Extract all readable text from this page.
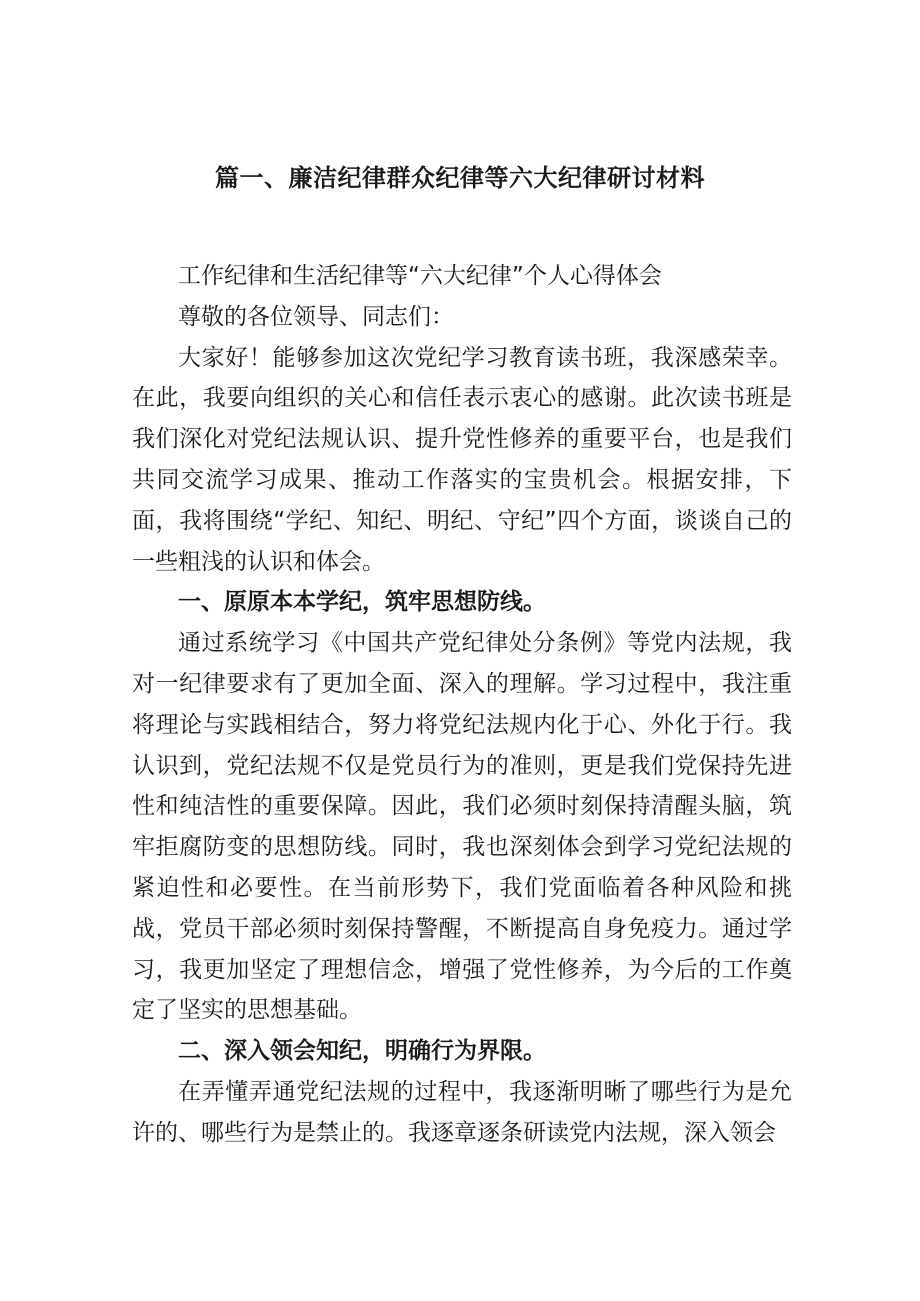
篇一、廉洁纪律群众纪律等六大纪律研讨材料

工作纪律和生活纪律等“六大纪律”个人心得体会

尊敬的各位领导、同志们：

大家好！能够参加这次党纪学习教育读书班，我深感荣幸。在此，我要向组织的关心和信任表示衷心的感谢。此次读书班是我们深化对党纪法规认识、提升党性修养的重要平台，也是我们共同交流学习成果、推动工作落实的宝贵机会。根据安排，下面，我将围绕“学纪、知纪、明纪、守纪”四个方面，谈谈自己的一些粗浅的认识和体会。

一、原原本本学纪，筑牢思想防线。

通过系统学习《中国共产党纪律处分条例》等党内法规，我对一纪律要求有了更加全面、深入的理解。学习过程中，我注重将理论与实践相结合，努力将党纪法规内化于心、外化于行。我认识到，党纪法规不仅是党员行为的准则，更是我们党保持先进性和纯洁性的重要保障。因此，我们必须时刻保持清醒头脑，筑牢拒腐防变的思想防线。同时，我也深刻体会到学习党纪法规的紧迫性和必要性。在当前形势下，我们党面临着各种风险和挑战，党员干部必须时刻保持警醒，不断提高自身免疫力。通过学习，我更加坚定了理想信念，增强了党性修养，为今后的工作奠定了坚实的思想基础。

二、深入领会知纪，明确行为界限。

在弄懂弄通党纪法规的过程中，我逐渐明晰了哪些行为是允许的、哪些行为是禁止的。我逐章逐条研读党内法规，深入领会
